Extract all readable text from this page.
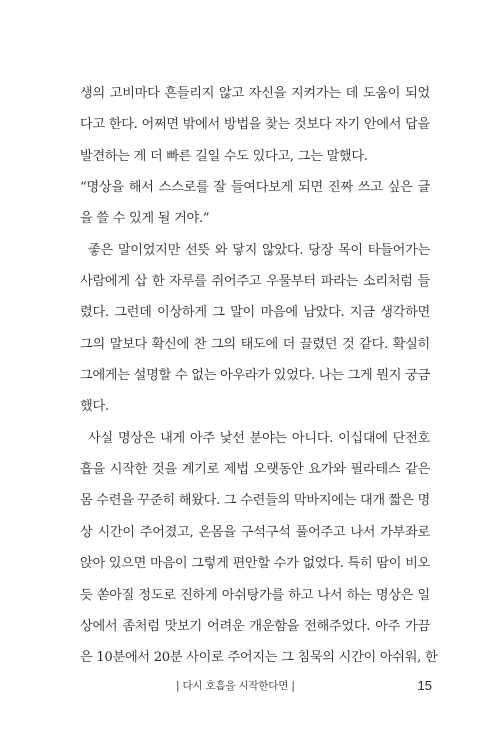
생의 고비마다 흔들리지 않고 자신을 지켜가는 데 도움이 되었
다고 한다. 어쩌면 밖에서 방법을 찾는 것보다 자기 안에서 답을
발견하는 게 더 빠른 길일 수도 있다고, 그는 말했다.
“명상을 해서 스스로를 잘 들여다보게 되면 진짜 쓰고 싶은 글
을 쓸 수 있게 될 거야.”
좋은 말이었지만 선뜻 와 닿지 않았다. 당장 목이 타들어가는
사람에게 삽 한 자루를 쥐어주고 우물부터 파라는 소리처럼 들
렸다. 그런데 이상하게 그 말이 마음에 남았다. 지금 생각하면
그의 말보다 확신에 찬 그의 태도에 더 끌렸던 것 같다. 확실히
그에게는 설명할 수 없는 아우라가 있었다. 나는 그게 뭔지 궁금
했다.
사실 명상은 내게 아주 낯선 분야는 아니다. 이십대에 단전호
흡을 시작한 것을 계기로 제법 오랫동안 요가와 필라테스 같은
몸 수련을 꾸준히 해왔다. 그 수련들의 막바지에는 대개 짧은 명
상 시간이 주어졌고, 온몸을 구석구석 풀어주고 나서 가부좌로
앉아 있으면 마음이 그렇게 편안할 수가 없었다. 특히 땀이 비오
듯 쏟아질 정도로 진하게 아쉬탕가를 하고 나서 하는 명상은 일
상에서 좀처럼 맛보기 어려운 개운함을 전해주었다. 아주 가끔
은 10분에서 20분 사이로 주어지는 그 침묵의 시간이 아쉬워, 한
| 다시 호흡을 시작한다면 |	15
